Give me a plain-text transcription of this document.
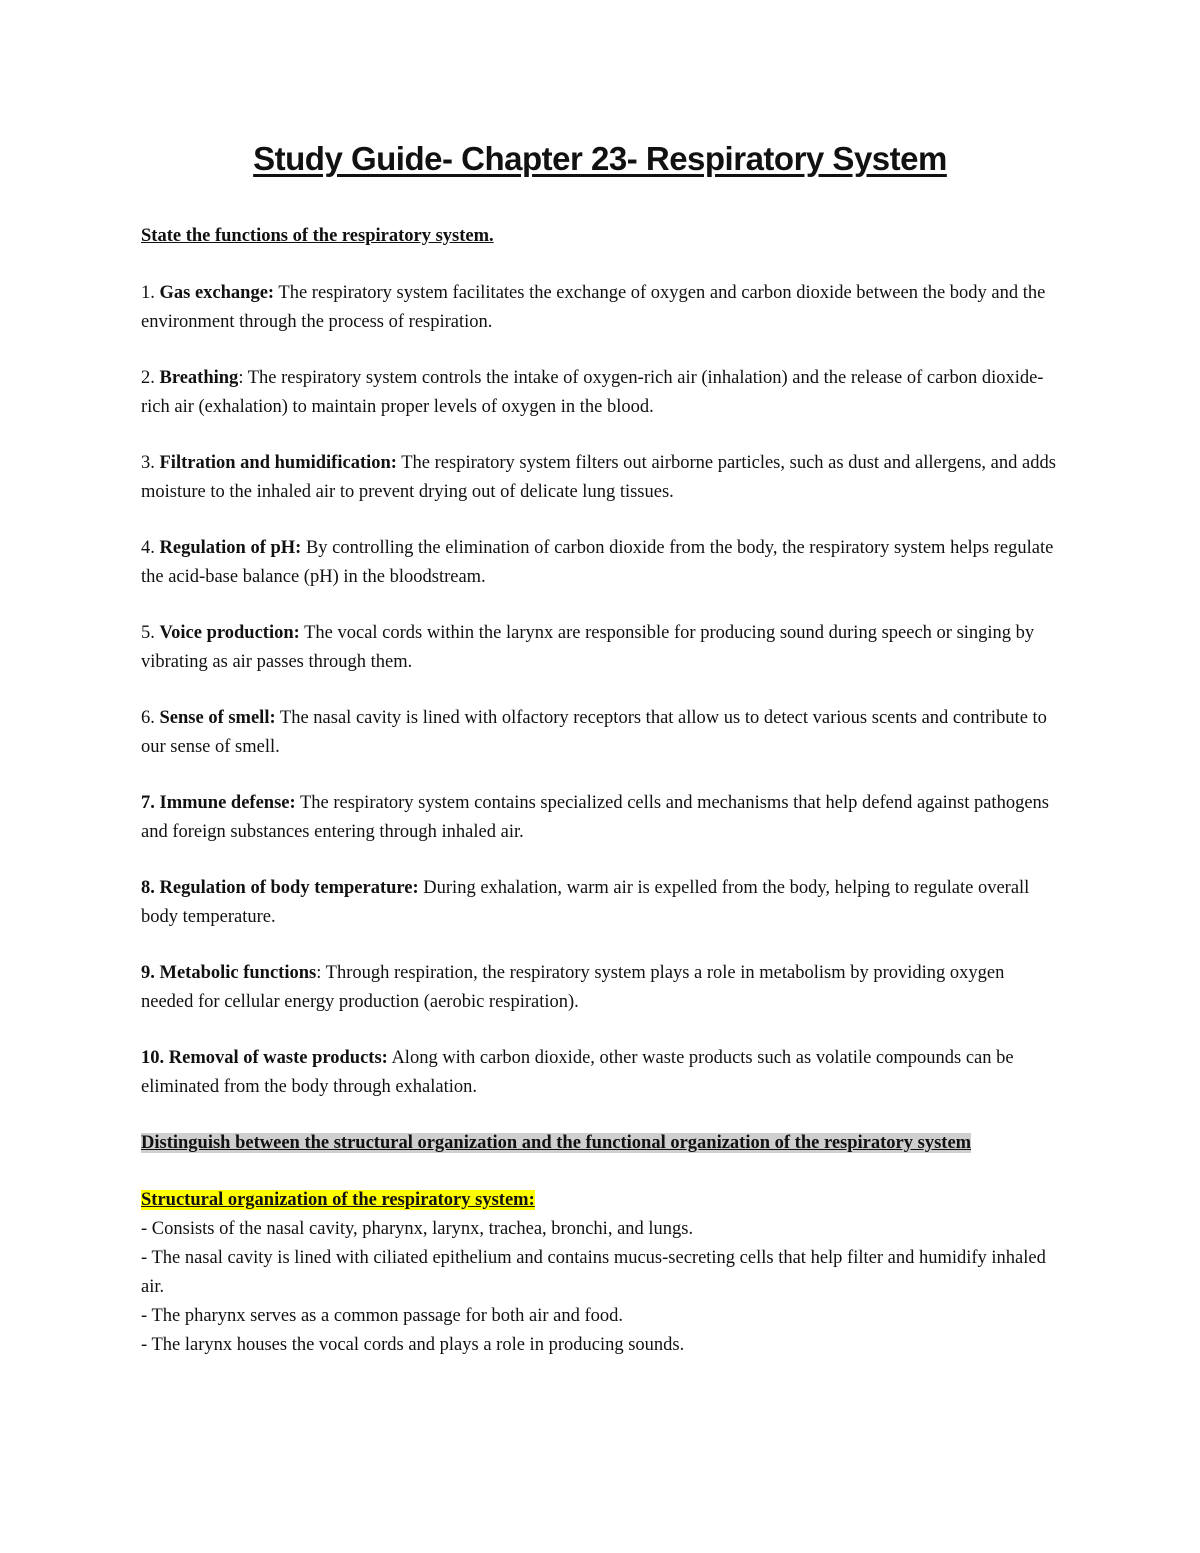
Study Guide- Chapter 23- Respiratory System

State the functions of the respiratory system.

1. Gas exchange: The respiratory system facilitates the exchange of oxygen and carbon dioxide between the body and the environment through the process of respiration.
2. Breathing: The respiratory system controls the intake of oxygen-rich air (inhalation) and the release of carbon dioxide-rich air (exhalation) to maintain proper levels of oxygen in the blood.
3. Filtration and humidification: The respiratory system filters out airborne particles, such as dust and allergens, and adds moisture to the inhaled air to prevent drying out of delicate lung tissues.
4. Regulation of pH: By controlling the elimination of carbon dioxide from the body, the respiratory system helps regulate the acid-base balance (pH) in the bloodstream.
5. Voice production: The vocal cords within the larynx are responsible for producing sound during speech or singing by vibrating as air passes through them.
6. Sense of smell: The nasal cavity is lined with olfactory receptors that allow us to detect various scents and contribute to our sense of smell.
7. Immune defense: The respiratory system contains specialized cells and mechanisms that help defend against pathogens and foreign substances entering through inhaled air.
8. Regulation of body temperature: During exhalation, warm air is expelled from the body, helping to regulate overall body temperature.
9. Metabolic functions: Through respiration, the respiratory system plays a role in metabolism by providing oxygen needed for cellular energy production (aerobic respiration).
10. Removal of waste products: Along with carbon dioxide, other waste products such as volatile compounds can be eliminated from the body through exhalation.
Distinguish between the structural organization and the functional organization of the respiratory system
Structural organization of the respiratory system:

- Consists of the nasal cavity, pharynx, larynx, trachea, bronchi, and lungs.

- The nasal cavity is lined with ciliated epithelium and contains mucus-secreting cells that help filter and humidify inhaled air.

- The pharynx serves as a common passage for both air and food.

- The larynx houses the vocal cords and plays a role in producing sounds.
